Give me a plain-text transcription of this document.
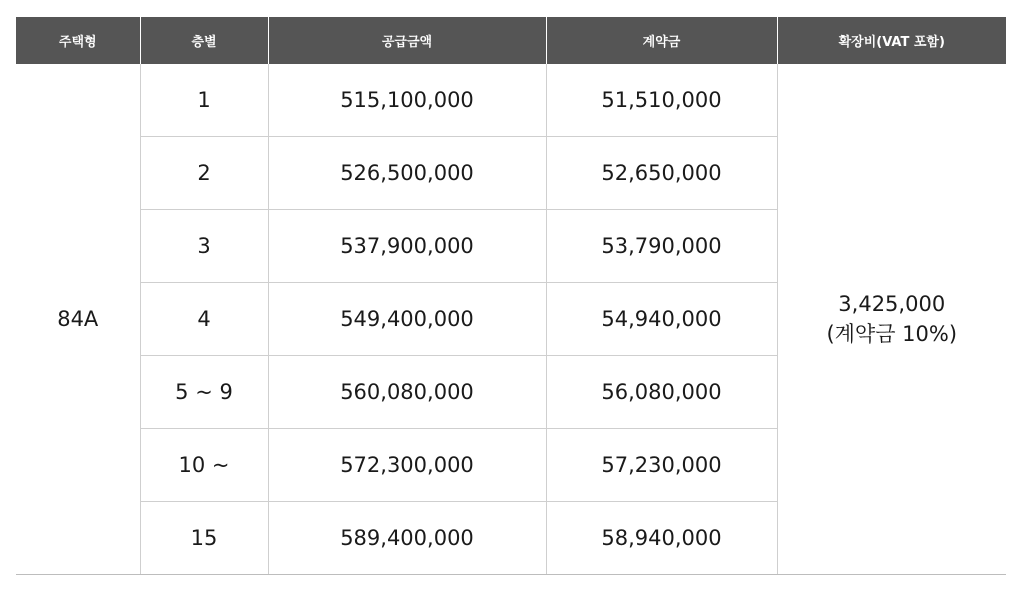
주택형	층별	공급금액	계약금	확장비(VAT 포함)
84A	1	515,100,000	51,510,000	3,425,000
(계약금 10%)

	2	526,500,000	52,650,000	
	3	537,900,000	53,790,000	
	4	549,400,000	54,940,000	
	5 ~ 9	560,080,000	56,080,000	
	10 ~	572,300,000	57,230,000	
	15	589,400,000	58,940,000	
